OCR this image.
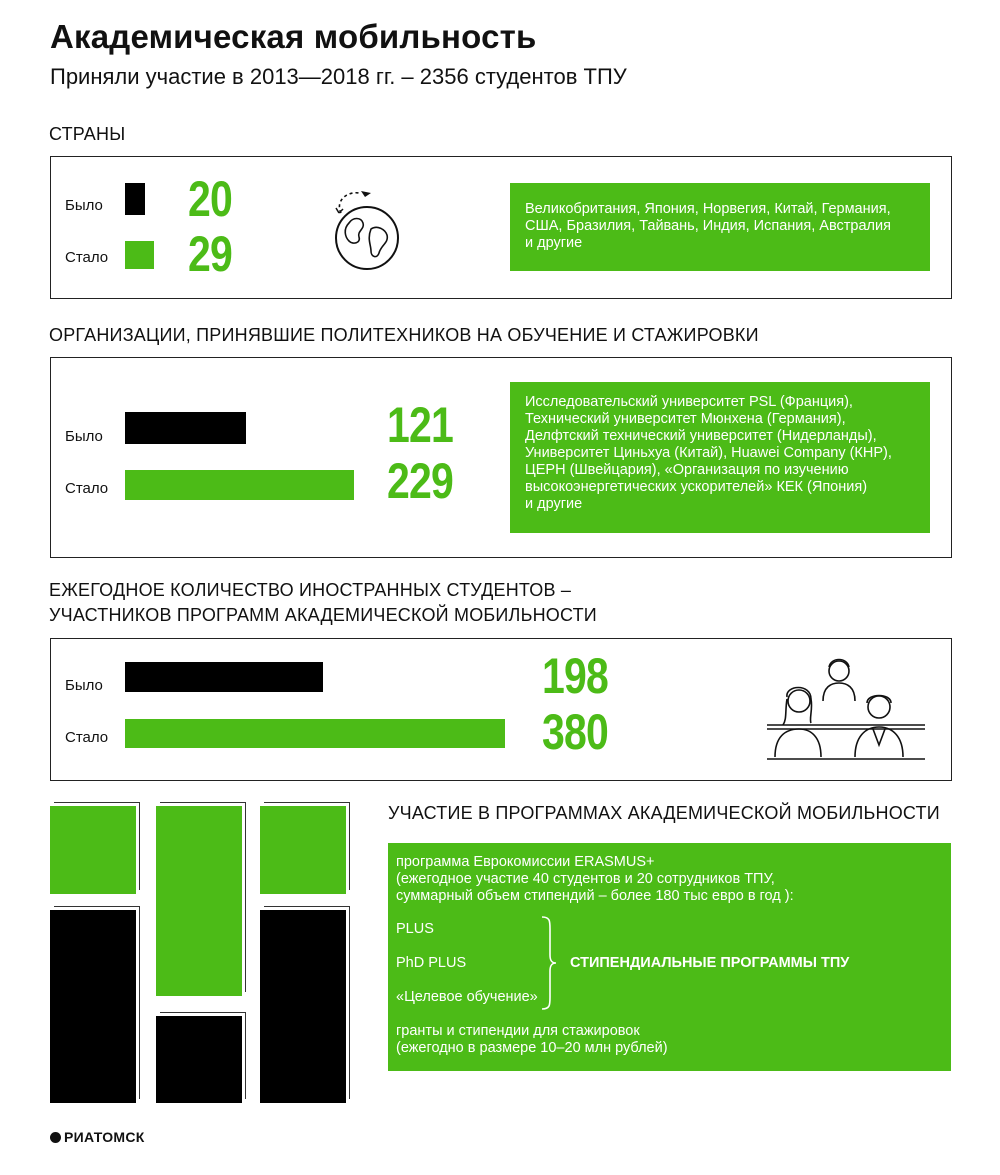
Академическая мобильность
Приняли участие в 2013—2018 гг. – 2356 студентов ТПУ
СТРАНЫ
Было 20
Стало 29
Великобритания, Япония, Норвегия, Китай, Германия,
США, Бразилия, Тайвань, Индия, Испания, Австралия
и другие
ОРГАНИЗАЦИИ, ПРИНЯВШИЕ ПОЛИТЕХНИКОВ НА ОБУЧЕНИЕ И СТАЖИРОВКИ
Было	121
Стало	229
Исследовательский университет PSL (Франция),
Технический университет Мюнхена (Германия),
Делфтский технический университет (Нидерланды),
Университет Циньхуа (Китай), Huawei Company (КНР),
ЦЕРН (Швейцария), «Организация по изучению
высокоэнергетических ускорителей» КЕК (Япония)
и другие
ЕЖЕГОДНОЕ КОЛИЧЕСТВО ИНОСТРАННЫХ СТУДЕНТОВ –
УЧАСТНИКОВ ПРОГРАММ АКАДЕМИЧЕСКОЙ МОБИЛЬНОСТИ
Было	198
Стало	380
УЧАСТИЕ В ПРОГРАММАХ АКАДЕМИЧЕСКОЙ МОБИЛЬНОСТИ
программа Еврокомиссии ERASMUS+
(ежегодное участие 40 студентов и 20 сотрудников ТПУ,
суммарный объем стипендий – более 180 тыс евро в год ):
PLUS
PhD PLUS
«Целевое обучение»
СТИПЕНДИАЛЬНЫЕ ПРОГРАММЫ ТПУ
гранты и стипендии для стажировок
(ежегодно в размере 10–20 млн рублей)
РИАТОМСК
